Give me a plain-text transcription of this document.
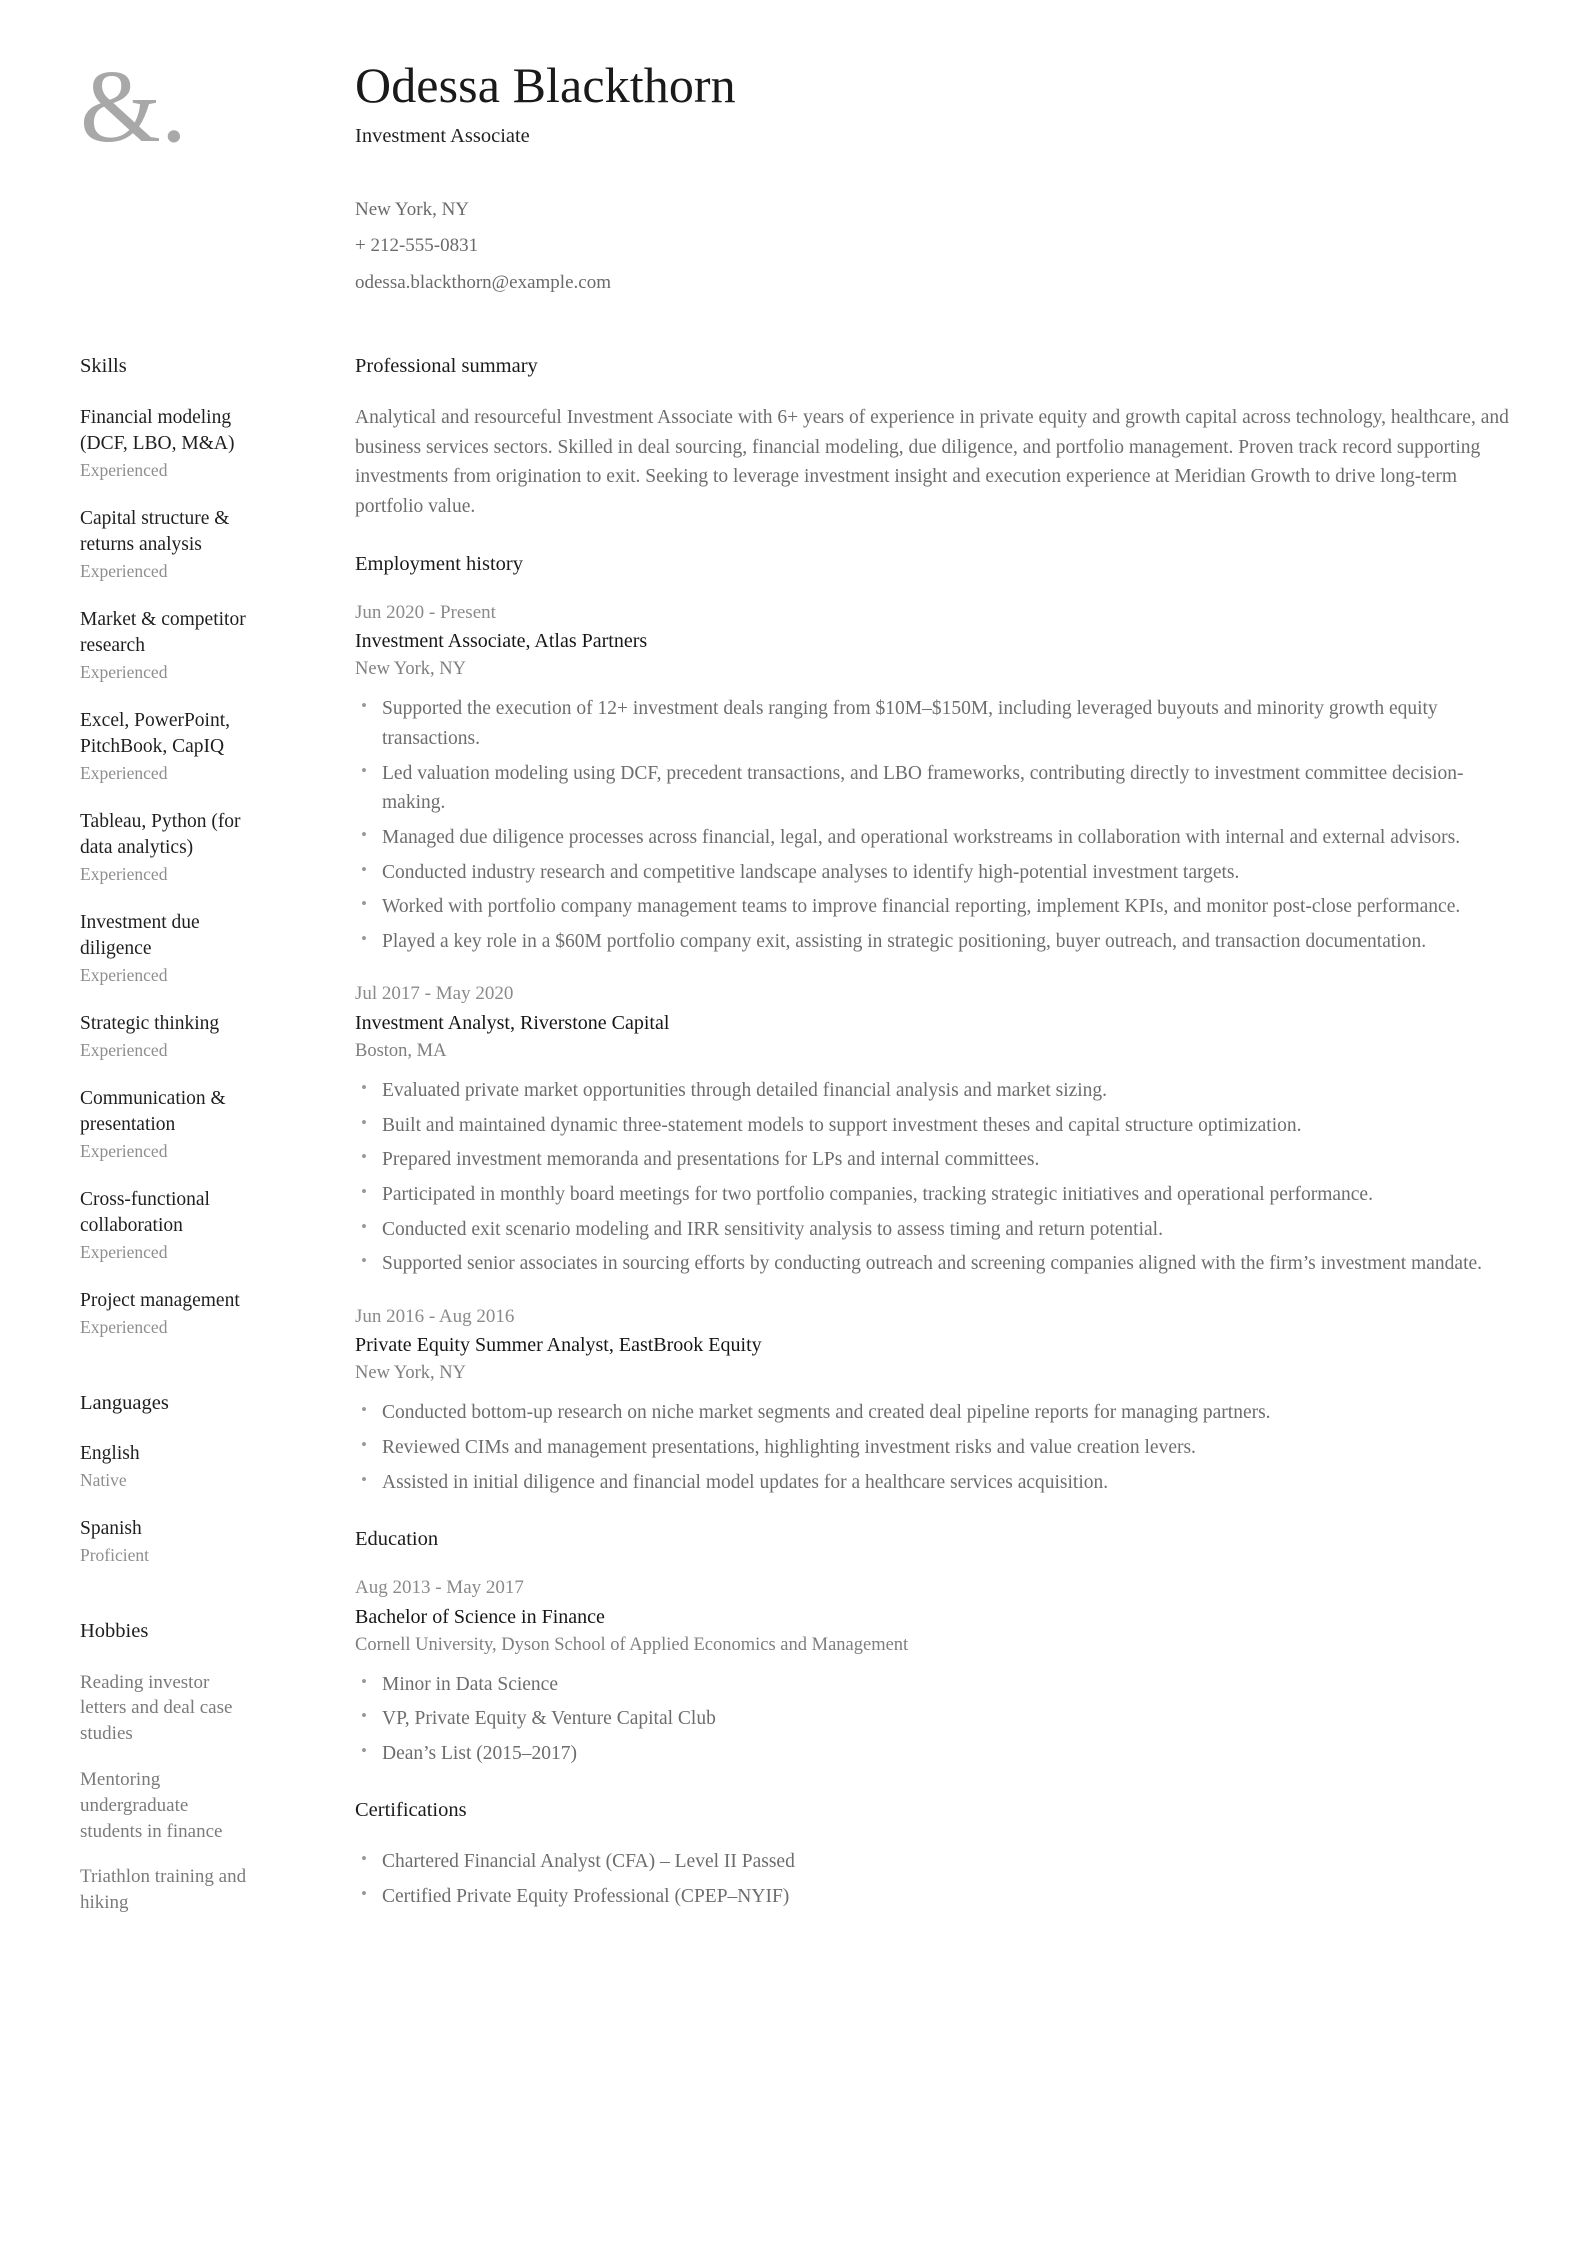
&.	Odessa Blackthorn
Investment Associate
New York, NY
+ 212-555-0831
odessa.blackthorn@example.com
Skills
Financial modeling (DCF, LBO, M&A)
Experienced
Capital structure & returns analysis
Experienced
Market & competitor research
Experienced
Excel, PowerPoint, PitchBook, CapIQ
Experienced
Tableau, Python (for data analytics)
Experienced
Investment due diligence
Experienced
Strategic thinking
Experienced
Communication & presentation
Experienced
Cross-functional collaboration
Experienced
Project management
Experienced
Languages
English
Native
Spanish
Proficient
Hobbies
Reading investor letters and deal case studies
Mentoring undergraduate students in finance
Triathlon training and hiking
Professional summary

Analytical and resourceful Investment Associate with 6+ years of experience in private equity and growth capital across technology, healthcare, and business services sectors. Skilled in deal sourcing, financial modeling, due diligence, and portfolio management. Proven track record supporting investments from origination to exit. Seeking to leverage investment insight and execution experience at Meridian Growth to drive long-term portfolio value.

Employment history
Jun 2020 - Present
Investment Associate, Atlas Partners
New York, NY
• Supported the execution of 12+ investment deals ranging from $10M–$150M, including leveraged buyouts and minority growth equity transactions.
• Led valuation modeling using DCF, precedent transactions, and LBO frameworks, contributing directly to investment committee decision-making.
• Managed due diligence processes across financial, legal, and operational workstreams in collaboration with internal and external advisors.
• Conducted industry research and competitive landscape analyses to identify high-potential investment targets.
• Worked with portfolio company management teams to improve financial reporting, implement KPIs, and monitor post-close performance.
• Played a key role in a $60M portfolio company exit, assisting in strategic positioning, buyer outreach, and transaction documentation.
Jul 2017 - May 2020
Investment Analyst, Riverstone Capital
Boston, MA
• Evaluated private market opportunities through detailed financial analysis and market sizing.
• Built and maintained dynamic three-statement models to support investment theses and capital structure optimization.
• Prepared investment memoranda and presentations for LPs and internal committees.
• Participated in monthly board meetings for two portfolio companies, tracking strategic initiatives and operational performance.
• Conducted exit scenario modeling and IRR sensitivity analysis to assess timing and return potential.
• Supported senior associates in sourcing efforts by conducting outreach and screening companies aligned with the firm’s investment mandate.
Jun 2016 - Aug 2016
Private Equity Summer Analyst, EastBrook Equity
New York, NY
• Conducted bottom-up research on niche market segments and created deal pipeline reports for managing partners.
• Reviewed CIMs and management presentations, highlighting investment risks and value creation levers.
• Assisted in initial diligence and financial model updates for a healthcare services acquisition.
Education
Aug 2013 - May 2017
Bachelor of Science in Finance
Cornell University, Dyson School of Applied Economics and Management
• Minor in Data Science
• VP, Private Equity & Venture Capital Club
• Dean’s List (2015–2017)
Certifications
• Chartered Financial Analyst (CFA) – Level II Passed
• Certified Private Equity Professional (CPEP–NYIF)
